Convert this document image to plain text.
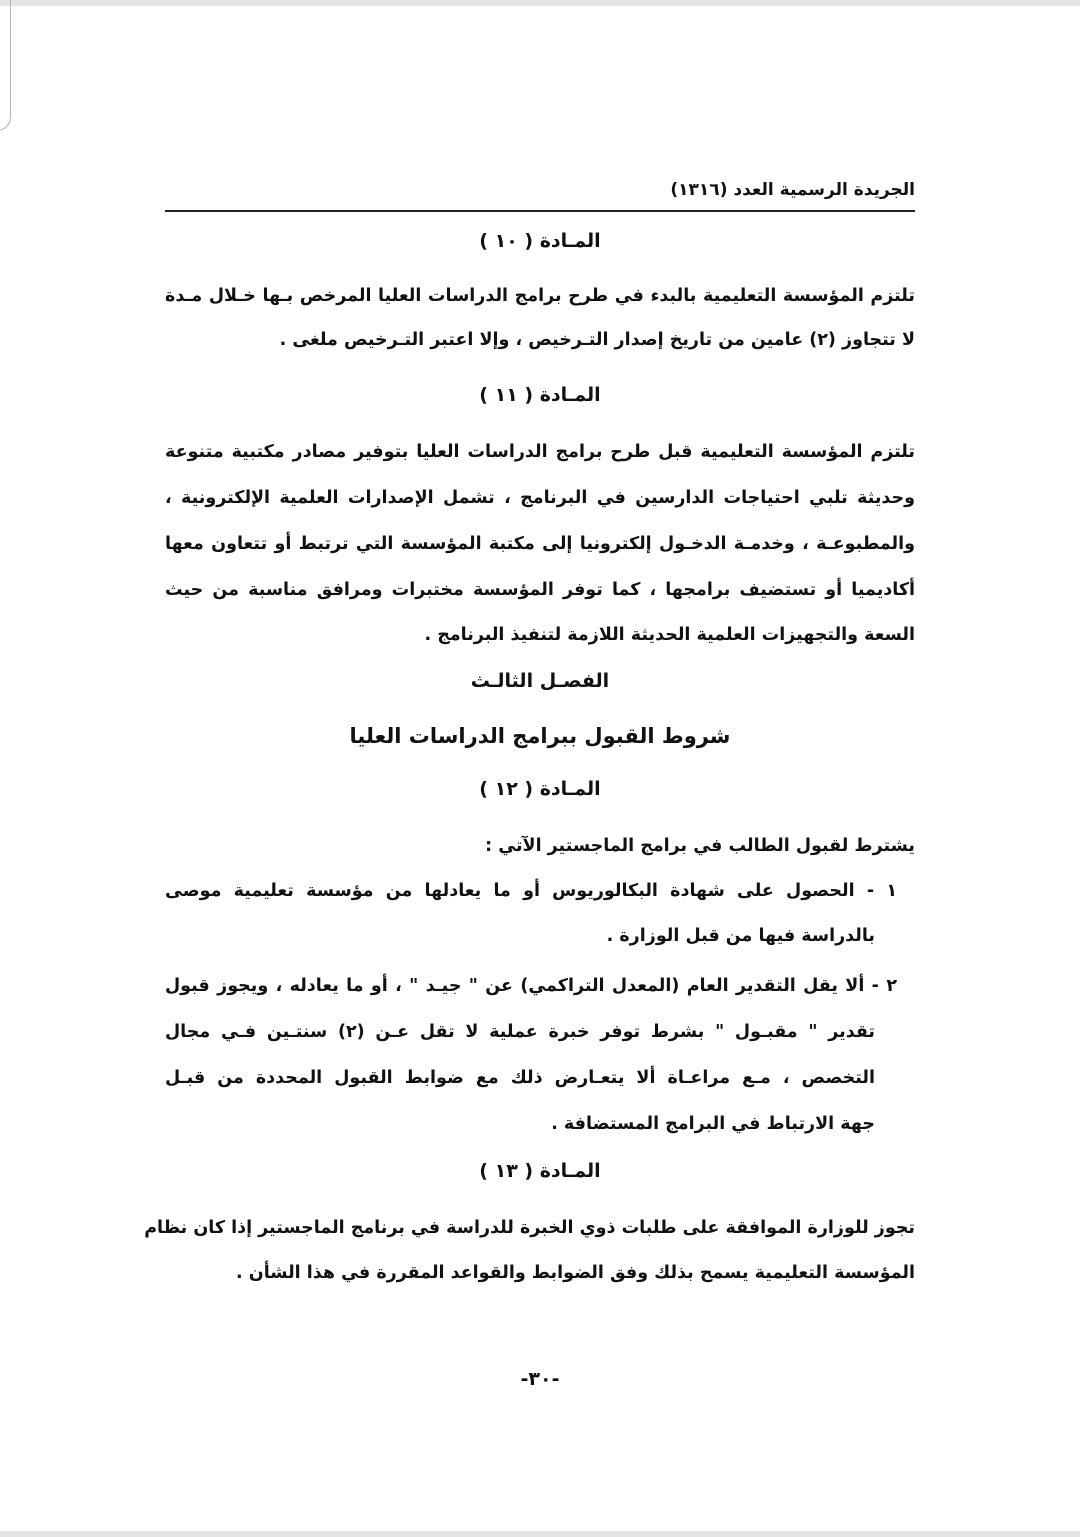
الجريدة الرسمية العدد (١٣١٦)
المـادة ( ١٠ )
تلتزم المؤسسة التعليمية بالبدء في طرح برامج الدراسات العليا المرخص بـها خـلال مـدة
لا تتجاوز (٢) عامين من تاريخ إصدار التـرخيص ، وإلا اعتبر التـرخيص ملغى .
المـادة ( ١١ )
تلتزم المؤسسة التعليمية قبل طرح برامج الدراسات العليا بتوفير مصادر مكتبية متنوعة
وحديثة تلبي احتياجات الدارسين في البرنامج ، تشمل الإصدارات العلمية الإلكترونية ،
والمطبوعـة ، وخدمـة الدخـول إلكترونيا إلى مكتبة المؤسسة التي ترتبط أو تتعاون معها
أكاديميا أو تستضيف برامجها ، كما توفر المؤسسة مختبرات ومرافق مناسبة من حيث
السعة والتجهيزات العلمية الحديثة اللازمة لتنفيذ البرنامج .
الفصـل الثالـث
شروط القبول ببرامج الدراسات العليا
المـادة ( ١٢ )
يشترط لقبول الطالب في برامج الماجستير الآتي :
١ - الحصول على شهادة البكالوريوس أو ما يعادلها من مؤسسة تعليمية موصى
بالدراسة فيها من قبل الوزارة .
٢ - ألا يقل التقدير العام (المعدل التراكمي) عن " جيـد " ، أو ما يعادله ، ويجوز قبول
تقدير " مقبـول " بشرط توفر خبرة عملية لا تقل عـن (٢) سنتـين فـي مجال
التخصص ، مـع مراعـاة ألا يتعـارض ذلك مع ضوابط القبول المحددة من قبـل
جهة الارتباط في البرامج المستضافة .
المـادة ( ١٣ )
تجوز للوزارة الموافقة على طلبات ذوي الخبرة للدراسة في برنامج الماجستير إذا كان نظام
المؤسسة التعليمية يسمح بذلك وفق الضوابط والقواعد المقررة في هذا الشأن .
-٣٠-
